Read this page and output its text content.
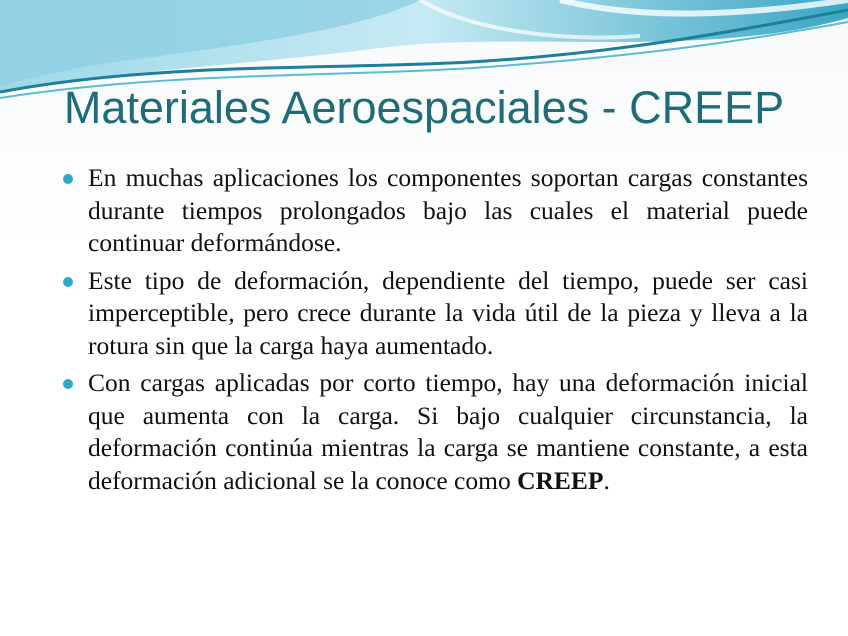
Materiales Aeroespaciales - CREEP
En muchas aplicaciones los componentes soportan cargas constantes durante tiempos prolongados bajo las cuales el material puede continuar deformándose.
Este tipo de deformación, dependiente del tiempo, puede ser casi imperceptible, pero crece durante la vida útil de la pieza y lleva a la rotura sin que la carga haya aumentado.
Con cargas aplicadas por corto tiempo, hay una deformación inicial que aumenta con la carga. Si bajo cualquier circunstancia, la deformación continúa mientras la carga se mantiene constante, a esta deformación adicional se la conoce como CREEP.
